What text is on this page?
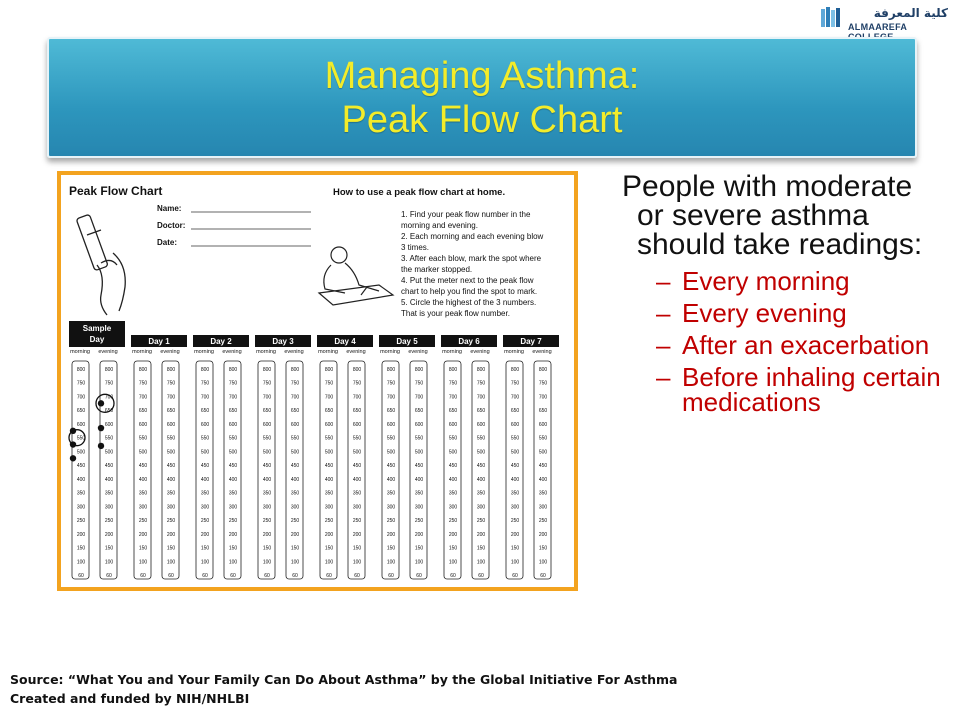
كلية المعرفة
ALMAAREFA
Managing Asthma:
Peak Flow Chart
Peak Flow Chart
Name:
Doctor:
Date:
How to use a peak flow chart at home.
1. Find your peak flow number in the
morning and evening.
2. Each morning and each evening blow
3 times.
3. After each blow, mark the spot where
the marker stopped.
4. Put the meter next to the peak flow
chart to help you find the spot to mark.
5. Circle the highest of the 3 numbers.
That is your peak flow number.
Sample
Day
morning
800
750
700
650
600
550
500
450
400
350
300
250
200
150
100
60
evening
800
750
700
650
600
550
500
450
400
350
300
250
200
150
100
60
Day 1
morning
800
750
700
650
600
550
500
450
400
350
300
250
200
150
100
60
evening
800
750
700
650
600
550
500
450
400
350
300
250
200
150
100
60
Day 2
morning
800
750
700
650
600
550
500
450
400
350
300
250
200
150
100
60
evening
800
750
700
650
600
550
500
450
400
350
300
250
200
150
100
60
Day 3
morning
800
750
700
650
600
550
500
450
400
350
300
250
200
150
100
60
evening
800
750
700
650
600
550
500
450
400
350
300
250
200
150
100
60
Day 4
morning
800
750
700
650
600
550
500
450
400
350
300
250
200
150
100
60
evening
800
750
700
650
600
550
500
450
400
350
300
250
200
150
100
60
Day 5
morning
800
750
700
650
600
550
500
450
400
350
300
250
200
150
100
60
evening
800
750
700
650
600
550
500
450
400
350
300
250
200
150
100
60
Day 6
morning
800
750
700
650
600
550
500
450
400
350
300
250
200
150
100
60
evening
800
750
700
650
600
550
500
450
400
350
300
250
200
150
100
60
Day 7
morning
800
750
700
650
600
550
500
450
400
350
300
250
200
150
100
60
evening
800
750
700
650
600
550
500
450
400
350
300
250
200
150
100
60

People with moderate or severe asthma should take readings:

– Every morning
– Every evening
– After an exacerbation
– Before inhaling certain medications
Source: “What You and Your Family Can Do About Asthma” by the Global Initiative For Asthma Created and funded by NIH/NHLBI
